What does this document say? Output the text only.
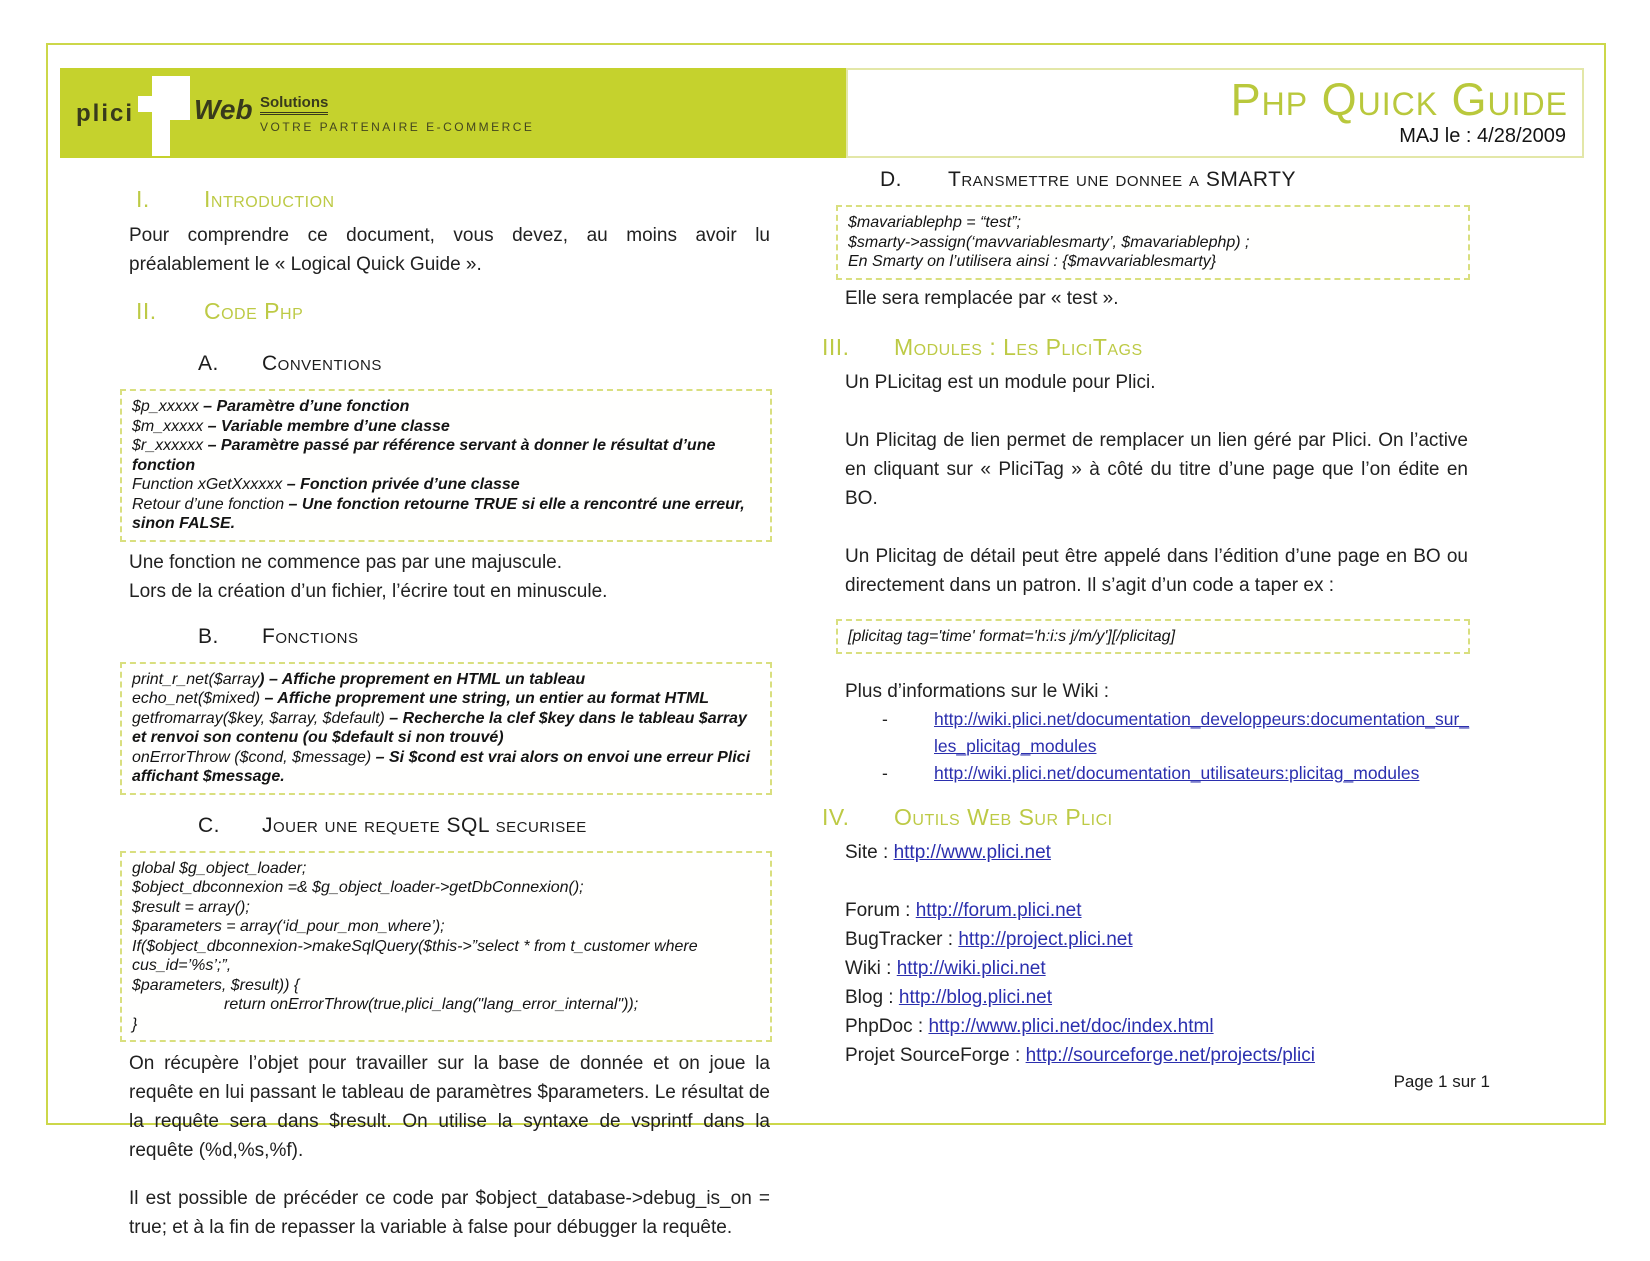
plici Web Solutions
VOTRE PARTENAIRE E-COMMERCE
Php Quick Guide
MAJ le : 4/28/2009
I.	Introduction

Pour comprendre ce document, vous devez, au moins avoir lu préalablement le « Logical Quick Guide ».

II.	Code Php
A.	Conventions
$p_xxxxx – Paramètre d’une fonction
$m_xxxxx – Variable membre d’une classe
$r_xxxxxx – Paramètre passé par référence servant à donner le résultat d’une fonction
Function xGetXxxxxx – Fonction privée d’une classe
Retour d’une fonction – Une fonction retourne TRUE si elle a rencontré une erreur, sinon FALSE.
Une fonction ne commence pas par une majuscule.
Lors de la création d’un fichier, l’écrire tout en minuscule.
B.	Fonctions
print_r_net($array) – Affiche proprement en HTML un tableau
echo_net($mixed) – Affiche proprement une string, un entier au format HTML
getfromarray($key, $array, $default) – Recherche la clef $key dans le tableau $array et renvoi son contenu (ou $default si non trouvé)
onErrorThrow ($cond, $message) – Si $cond est vrai alors on envoi une erreur Plici affichant $message.
C.	Jouer une requete SQL securisee
global $g_object_loader;
$object_dbconnexion =& $g_object_loader->getDbConnexion();
$result = array();
$parameters = array(‘id_pour_mon_where’);
If($object_dbconnexion->makeSqlQuery($this->”select * from t_customer where cus_id=’%s’;”,
$parameters, $result)) {
return onErrorThrow(true,plici_lang("lang_error_internal"));
}

On récupère l’objet pour travailler sur la base de donnée et on joue la requête en lui passant le tableau de paramètres $parameters. Le résultat de la requête sera dans $result. On utilise la syntaxe de vsprintf dans la requête (%d,%s,%f).

Il est possible de précéder ce code par $object_database->debug_is_on = true; et à la fin de repasser la variable à false pour débugger la requête.

D.	Transmettre une donnee a SMARTY
$mavariablephp = “test”;
$smarty->assign(‘mavvariablesmarty’, $mavariablephp) ;
En Smarty on l’utilisera ainsi : {$mavvariablesmarty}
Elle sera remplacée par « test ».
III.	Modules : Les PliciTags
Un PLicitag est un module pour Plici.

Un Plicitag de lien permet de remplacer un lien géré par Plici. On l’active en cliquant sur « PliciTag » à côté du titre d’une page que l’on édite en BO.

Un Plicitag de détail peut être appelé dans l’édition d’une page en BO ou directement dans un patron. Il s’agit d’un code a taper ex :

[plicitag tag='time' format='h:i:s j/m/y'][/plicitag]
Plus d’informations sur le Wiki :
-	http://wiki.plici.net/documentation_developpeurs:documentation_sur_les_plicitag_modules
-	http://wiki.plici.net/documentation_utilisateurs:plicitag_modules
IV.	Outils Web Sur Plici
Site : http://www.plici.net
Forum : http://forum.plici.net
BugTracker : http://project.plici.net
Wiki : http://wiki.plici.net
Blog : http://blog.plici.net
PhpDoc : http://www.plici.net/doc/index.html
Projet SourceForge : http://sourceforge.net/projects/plici
Page 1 sur 1
